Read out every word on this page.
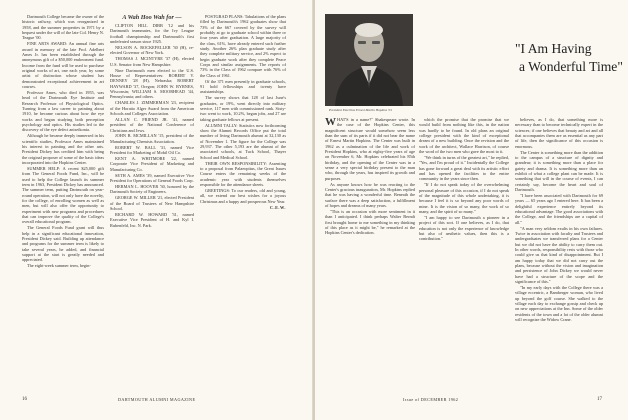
Dartmouth College became the owner of the historic railway, which was reorganized in 1958, and the summer properties in 1971 by a bequest under the will of the late Col. Henry N. Teague '00.

FINE ARTS AWARD: An annual fine arts award in memory of the late Prof. Adelbert Ames Jr. has been established through the anonymous gift of a $50,000 endowment fund. Income from the fund will be used to purchase original works of art, one each year, by some artist of distinction whose student has demonstrated exceptional achievement in art courses.

Professor Ames, who died in 1955, was head of the Dartmouth Eye Institute and Research Professor of Physiological Optics. Turning from a law career to painting about 1910, he became curious about how the eye works and began studying both perception psychology and optics. His studies led to the discovery of the eye defect aniseikonia.

Although he became deeply immersed in his scientific studies, Professor Ames maintained his interest in painting and the other arts. President Dickey has credited him with being the original proposer of some of the basic ideas incorporated into the Hopkins Center.

SUMMER HELP: A recent $25,000 gift from The General Foods Fund, Inc., will be used to help the College launch its summer term in 1963, President Dickey has announced. The summer term, putting Dartmouth on year-round operation, will not only have the novelty, for the college, of enrolling women as well as men, but will also offer the opportunity to experiment with new programs and procedures that can improve the quality of the College's overall educational program.

The General Foods Fund grant will thus help in a significant educational innovation, President Dickey said. Building up attendance and programs for the summer term is likely to take several years, he added, and financial support at the start is greatly needed and appreciated.

The eight-week summer term, begin-

A Wah Hoo Wah for —

CLIFTON HILL DIBB '12 and his Dartmouth teammates, for the Ivy League football championship and Dartmouth's first undefeated season since 1925.

NELSON A. ROCKEFELLER '30 (H), re-elected Governor of New York.

THOMAS J. MCINTYRE '37 (H), elected U.S. Senator from New Hampshire.

Nine Dartmouth men elected to the U.S. House of Representatives: ROBERT V. DENNEY '28 (H), Nebraska; ROBERT HAYWARD '37, Oregon; JOHN W. BYRNES, Wisconsin; WILLIAM S. MOORHEAD '44, Pennsylvania; and others.

CHARLES J. ZIMMERMAN '23, recipient of the Horatio Alger Award from the American Schools and Colleges Association.

ALLAN C. FRIEND JR. '41, named president of the National Conference of Christians and Jews.

JOHN B. MCMILLAN '15, president of the Manufacturing Chemists Association.

ROBERT W. BALL '31, named Vice President for Marketing of Mobil Oil Co.

KENT A. WHITMORE '22, named Corporate Vice President of Marketing and Manufacturing Co.

SETH A. AMES '39, named Executive Vice President for Operations of General Foods Corp.

HERMAN L. HOOVER '30, honored by the Dartmouth Society of Engineers.

GEORGE W. MILLER '21, elected President of the Board of Trustees of New Hampshire School.

RICHARD W. HOWARD '31, named Executive Vice President of H. and Kyl I. Rubenfeld, Inc. N. Park.

POSTGRAD PLANS: Tabulations of the plans filled by Dartmouth's 1962 graduates show that 73% of the 667 covered by the survey will probably at go to graduate school within three or four years after graduation. A large majority of the class, 61%, have already entered such further study. Another 26% plan graduate study after they complete military service, and 2% expect to begin graduate work after they complete Peace Corps and similar assignments. The reports of 73% in the Class of 1962 compare with 76% of the Class of 1961.

Of the 371 men presently in graduate schools, 91 hold fellowships and twenty have assistantships.

The survey shows that 128 of last June's graduates, or 19%, went directly into military service, 117 men with commissioned rank. Sixty-two went to work, 10.2%, began jobs, and 27 are taking graduate fellows at present.

ALUMNI TALLY: Statistics now forthcoming show the Alumni Records Office put the total number of living Dartmouth alumni at 32,130 as of November 1. The figure for the College was 29,937. The other 5,193 are the alumni of the associated schools, at Tuck School, Thayer School and Medical School.

THEIR OWN RESPONSIBILITY: Assenting to a proposal from Palaeopitus, the Great Issues Course enters the remaining weeks of the academic year with students themselves responsible for the attendance sheets.

GREETINGS: To our readers, old and young, all, we extend our best wishes for a joyous Christmas and a happy and prosperous New Year.

C.E.W.
16	DARTMOUTH ALUMNI MAGAZINE
President Emeritus Ernest Martin Hopkins '01
"I Am Having
a Wonderful Time"

WHAT'S in a name?" Shakespeare wrote. In the case of the Hopkins Center, this magnificent structure would somehow seem less than the sum of its parts if it did not bear the name of Ernest Martin Hopkins. The Center was built in 1962 as a culmination of the life and work of President Hopkins, who at eighty-five years of age on November 6, Mr. Hopkins celebrated his 85th birthday, and the opening of the Center was in a sense a very special birthday present to the man who, through the years, has inspired its growth and purposes.

As anyone knows how he was reacting to the Center's gracious inauguration, Mr. Hopkins replied that he was having a wonderful time. Beneath the surface there was a deep satisfaction, a fulfillment of hopes and dreams of many years.

"This is an occasion with more sentiment in it than I anticipated. I think perhaps Walter Berndt first brought home to me something in my thinking of this place as it might be," he remarked at the Hopkins Center's dedication.

which the promise that the promise that we would build from nothing like this, in the nation was hardly to be found. In old plans an original college president with the kind of exceptional dream of a new building. Once the revision and the work of the architect, Wallace Harrison, of course the word of the two men who gave the most to it.

"We think in turns of the greatest art," he replied, "Yes, and I'm proud of it." Incidentally the College has gone forward a great deal with its artistic effort and has opened the facilities to the entire community in the years since then.

"If I do not speak today of the overwhelming personal pleasure of this occasion, if I do not speak of the magnitude of this whole undertaking, it is because I feel it is so beyond any poor words of mine. It is the vision of so many, the work of so many, and the spirit of so many."

"I am happy to see Dartmouth a pioneer in a project of this sort. If one believes, as I do, that education is not only the experience of knowledge but also of aesthetic values, then this is a contribution."

believes, as I do, that something more is necessary than to become technically expert in the sciences; if one believes that beauty and art and all that accompanies them are as essential as any part of life, then the significance of this occasion is enormous.

The Center is something more than the addition to the campus of a structure of dignity and grandeur; it is something more than a place for gaiety and drama. It is something more than an exhibit of what a college plant can be made. It is something that will in the course of events, I can certainly say, become the heart and soul of Dartmouth.

"I have been associated with Dartmouth for 69 years — 65 years ago I entered here. It has been a delightful experience entirely beyond its educational advantage. The good associations with the College, and the friendships are a capital of all."

"A man very seldom exults in his own failures. Twice in association with faculty and Trustees and undergraduates we transferred plans for a Center but we did not have the ability to carry them out. In other words, responsibility rests with those who could give us that kind of disappointment. But I am happy today that we did not carry out the plans, because without the vision and imagination and persistence of John Dickey we would never have had a structure of the scope and the significance of this."

"In my early days with the College there was a village eccentric, a Bamberger woman, who lived up beyond the golf course. She walked to the village each day to exchange gossip and check up on new appreciations at the Inn. Some of the older residents of the town and a lot of the older alumni will recognize the Widow Crane.

Issue of DECEMBER 1962	17
